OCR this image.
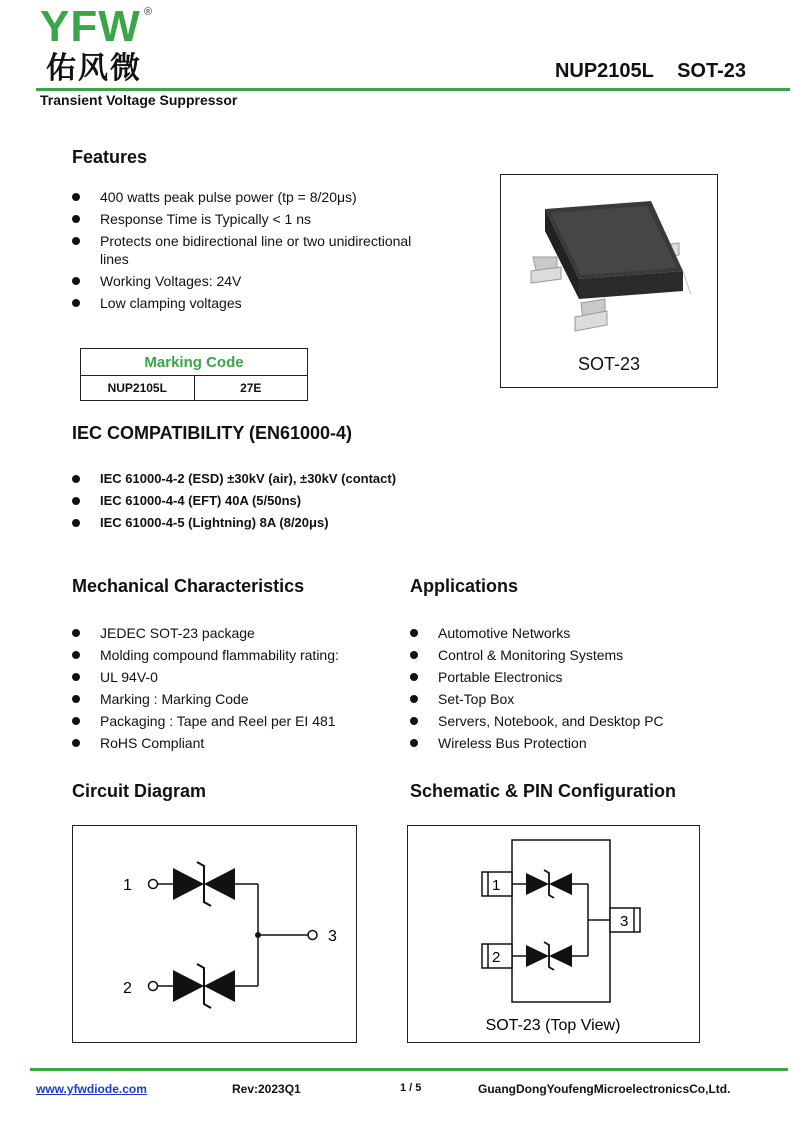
YFW ®
佑风微	NUP2105L SOT-23
Transient Voltage Suppressor
Features
400 watts peak pulse power (tp = 8/20μs)
Response Time is Typically < 1 ns
Protects one bidirectional line or two unidirectional lines
Working Voltages: 24V
Low clamping voltages
SOT-23
Marking Code
NUP2105L	27E
IEC COMPATIBILITY (EN61000-4)
IEC 61000-4-2 (ESD) ±30kV (air), ±30kV (contact)
IEC 61000-4-4 (EFT) 40A (5/50ns)
IEC 61000-4-5 (Lightning) 8A (8/20μs)
Mechanical Characteristics
JEDEC SOT-23 package
Molding compound flammability rating:
UL 94V-0
Marking : Marking Code
Packaging : Tape and Reel per EI 481
RoHS Compliant
Applications
Automotive Networks
Control & Monitoring Systems
Portable Electronics
Set-Top Box
Servers, Notebook, and Desktop PC
Wireless Bus Protection
Circuit Diagram
1
2
3
Schematic & PIN Configuration
1
2
3
SOT-23 (Top View)
www.yfwdiode.com	Rev:2023Q1	1 / 5	GuangDongYoufengMicroelectronicsCo,Ltd.
